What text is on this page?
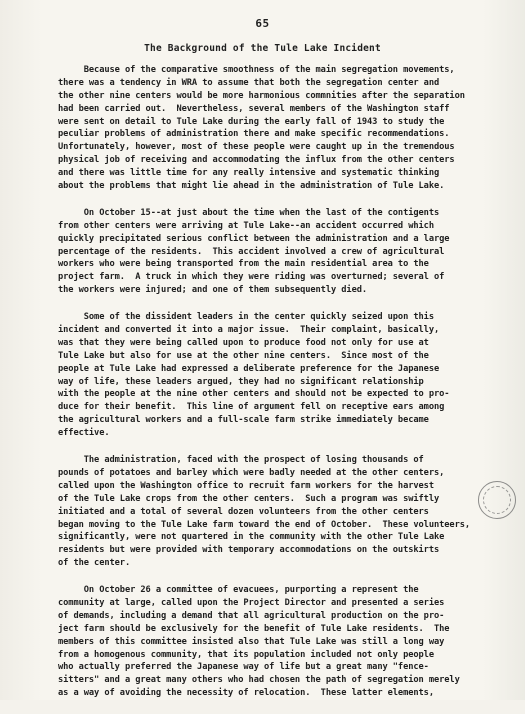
65
The Background of the Tule Lake Incident
Because of the comparative smoothness of the main segregation movements,
there was a tendency in WRA to assume that both the segregation center and
the other nine centers would be more harmonious commnities after the separation
had been carried out.  Nevertheless, several members of the Washington staff
were sent on detail to Tule Lake during the early fall of 1943 to study the
peculiar problems of administration there and make specific recommendations.
Unfortunately, however, most of these people were caught up in the tremendous
physical job of receiving and accommodating the influx from the other centers
and there was little time for any really intensive and systematic thinking
about the problems that might lie ahead in the administration of Tule Lake.
On October 15--at just about the time when the last of the contigents
from other centers were arriving at Tule Lake--an accident occurred which
quickly precipitated serious conflict between the administration and a large
percentage of the residents.  This accident involved a crew of agricultural
workers who were being transported from the main residential area to the
project farm.  A truck in which they were riding was overturned; several of
the workers were injured; and one of them subsequently died.
Some of the dissident leaders in the center quickly seized upon this
incident and converted it into a major issue.  Their complaint, basically,
was that they were being called upon to produce food not only for use at
Tule Lake but also for use at the other nine centers.  Since most of the
people at Tule Lake had expressed a deliberate preference for the Japanese
way of life, these leaders argued, they had no significant relationship
with the people at the nine other centers and should not be expected to pro-
duce for their benefit.  This line of argument fell on receptive ears among
the agricultural workers and a full-scale farm strike immediately became
effective.
The administration, faced with the prospect of losing thousands of
pounds of potatoes and barley which were badly needed at the other centers,
called upon the Washington office to recruit farm workers for the harvest
of the Tule Lake crops from the other centers.  Such a program was swiftly
initiated and a total of several dozen volunteers from the other centers
began moving to the Tule Lake farm toward the end of October.  These volunteers,
significantly, were not quartered in the community with the other Tule Lake
residents but were provided with temporary accommodations on the outskirts
of the center.
On October 26 a committee of evacuees, purporting a represent the
community at large, called upon the Project Director and presented a series
of demands, including a demand that all agricultural production on the pro-
ject farm should be exclusively for the benefit of Tule Lake residents.  The
members of this committee insisted also that Tule Lake was still a long way
from a homogenous community, that its population included not only people
who actually preferred the Japanese way of life but a great many "fence-
sitters" and a great many others who had chosen the path of segregation merely
as a way of avoiding the necessity of relocation.  These latter elements,
